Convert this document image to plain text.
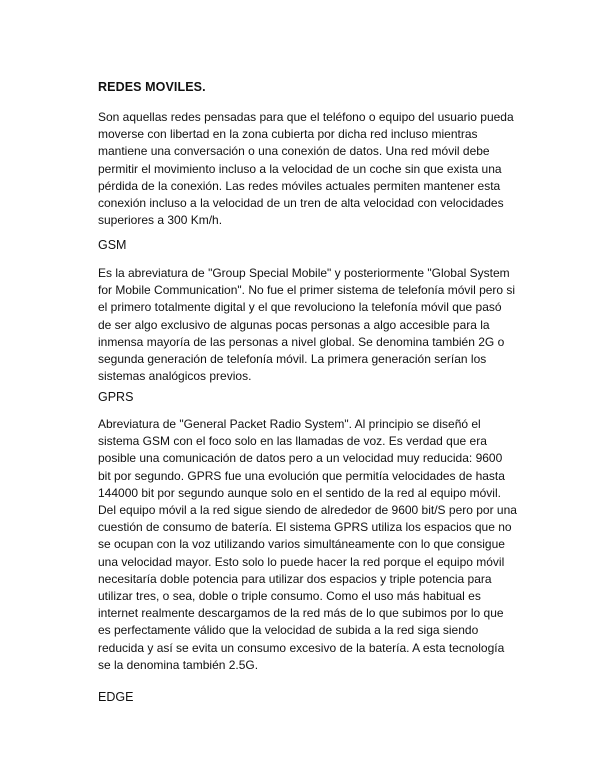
REDES MOVILES.

Son aquellas redes pensadas para que el teléfono o equipo del usuario pueda moverse con libertad en la zona cubierta por dicha red incluso mientras mantiene una conversación o una conexión de datos. Una red móvil debe permitir el movimiento incluso a la velocidad de un coche sin que exista una pérdida de la conexión. Las redes móviles actuales permiten mantener esta conexión incluso a la velocidad de un tren de alta velocidad con velocidades superiores a 300 Km/h.

GSM

Es la abreviatura de "Group Special Mobile" y posteriormente "Global System for Mobile Communication". No fue el primer sistema de telefonía móvil pero si el primero totalmente digital y el que revoluciono la telefonía móvil que pasó de ser algo exclusivo de algunas pocas personas a algo accesible para la inmensa mayoría de las personas a nivel global. Se denomina también 2G o segunda generación de telefonía móvil. La primera generación serían los sistemas analógicos previos.

GPRS

Abreviatura de "General Packet Radio System". Al principio se diseñó el sistema GSM con el foco solo en las llamadas de voz. Es verdad que era posible una comunicación de datos pero a un velocidad muy reducida: 9600 bit por segundo. GPRS fue una evolución que permitía velocidades de hasta 144000 bit por segundo aunque solo en el sentido de la red al equipo móvil. Del equipo móvil a la red sigue siendo de alrededor de 9600 bit/S pero por una cuestión de consumo de batería. El sistema GPRS utiliza los espacios que no se ocupan con la voz utilizando varios simultáneamente con lo que consigue una velocidad mayor. Esto solo lo puede hacer la red porque el equipo móvil necesitaría doble potencia para utilizar dos espacios y triple potencia para utilizar tres, o sea, doble o triple consumo. Como el uso más habitual es internet realmente descargamos de la red más de lo que subimos por lo que es perfectamente válido que la velocidad de subida a la red siga siendo reducida y así se evita un consumo excesivo de la batería. A esta tecnología se la denomina también 2.5G.

EDGE
